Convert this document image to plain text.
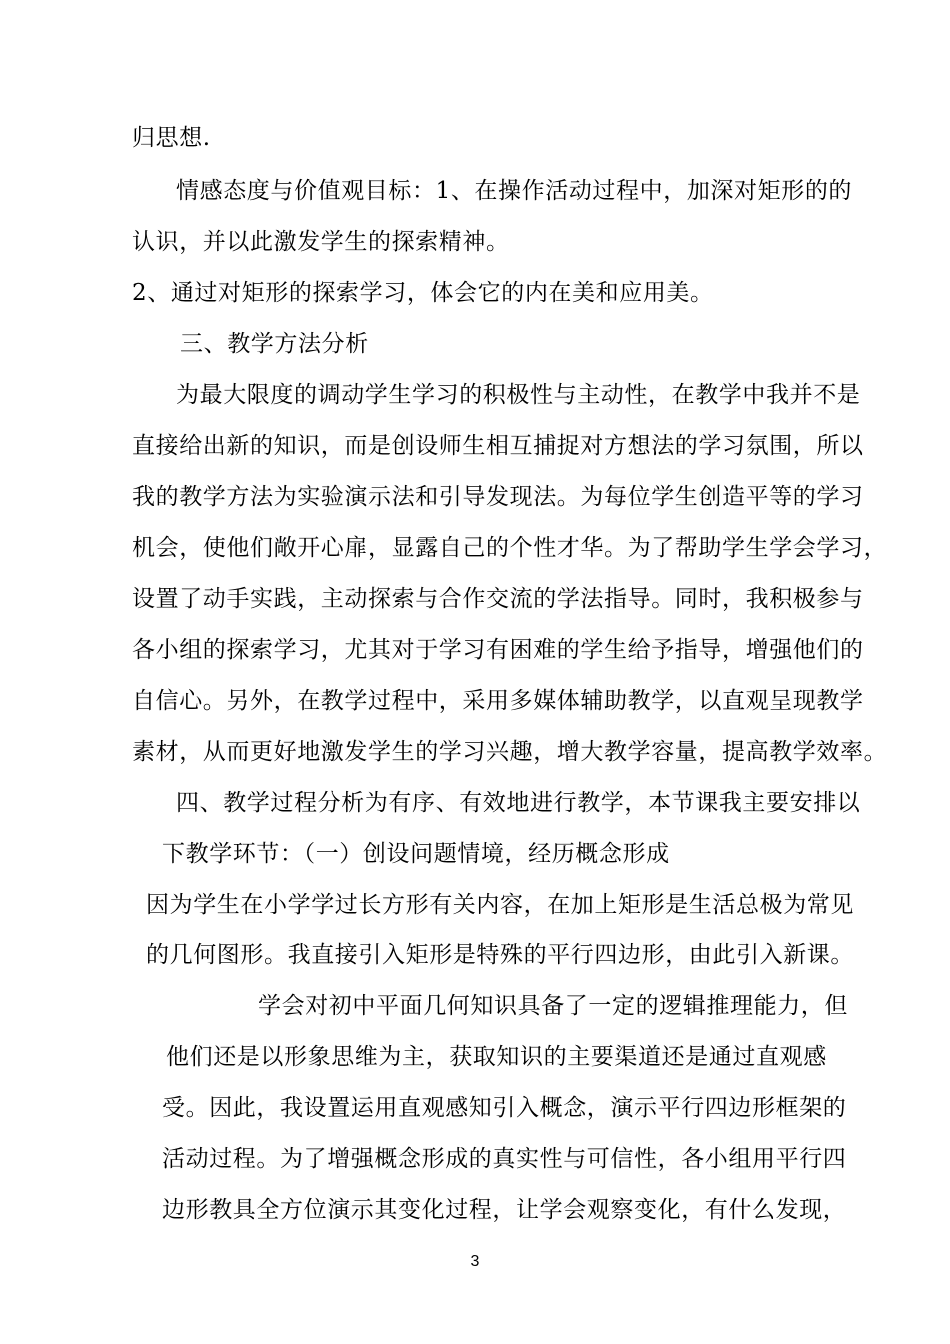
归思想.
情感态度与价值观目标：1、在操作活动过程中，加深对矩形的的
认识，并以此激发学生的探索精神。
2、通过对矩形的探索学习，体会它的内在美和应用美。
三、教学方法分析
为最大限度的调动学生学习的积极性与主动性，在教学中我并不是
直接给出新的知识，而是创设师生相互捕捉对方想法的学习氛围，所以
我的教学方法为实验演示法和引导发现法。为每位学生创造平等的学习
机会，使他们敞开心扉，显露自己的个性才华。为了帮助学生学会学习，
设置了动手实践，主动探索与合作交流的学法指导。同时，我积极参与
各小组的探索学习，尤其对于学习有困难的学生给予指导，增强他们的
自信心。另外，在教学过程中，采用多媒体辅助教学，以直观呈现教学
素材，从而更好地激发学生的学习兴趣，增大教学容量，提高教学效率。
四、教学过程分析为有序、有效地进行教学，本节课我主要安排以
下教学环节：（一）创设问题情境，经历概念形成
因为学生在小学学过长方形有关内容，在加上矩形是生活总极为常见
的几何图形。我直接引入矩形是特殊的平行四边形，由此引入新课。
学会对初中平面几何知识具备了一定的逻辑推理能力，但
他们还是以形象思维为主，获取知识的主要渠道还是通过直观感
受。因此，我设置运用直观感知引入概念，演示平行四边形框架的
活动过程。为了增强概念形成的真实性与可信性，各小组用平行四
边形教具全方位演示其变化过程，让学会观察变化，有什么发现，
3
